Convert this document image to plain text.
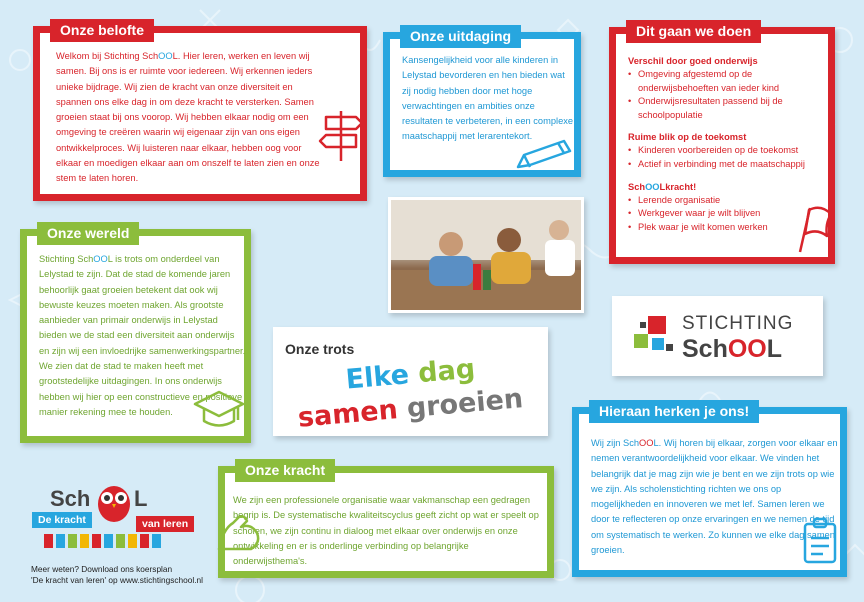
Onze belofte
Welkom bij Stichting SchOOL. Hier leren, werken en leven wij samen. Bij ons is er ruimte voor iedereen. Wij erkennen ieders unieke bijdrage. Wij zien de kracht van onze diversiteit en spannen ons elke dag in om deze kracht te versterken. Samen groeien staat bij ons voorop. Wij hebben elkaar nodig om een omgeving te creëren waarin wij eigenaar zijn van ons eigen ontwikkelproces. Wij luisteren naar elkaar, hebben oog voor elkaar en moedigen elkaar aan om onszelf te laten zien en onze stem te laten horen.
Onze uitdaging
Kansengelijkheid voor alle kinderen in Lelystad bevorderen en hen bieden wat zij nodig hebben door met hoge verwachtingen en ambities onze resultaten te verbeteren, in een complexe maatschappij met lerarentekort.
Dit gaan we doen
Verschil door goed onderwijs
• Omgeving afgestemd op de onderwijsbehoeften van ieder kind
• Onderwijsresultaten passend bij de schoolpopulatie
Ruime blik op de toekomst
• Kinderen voorbereiden op de toekomst
• Actief in verbinding met de maatschappij
SchOOLkracht!
• Lerende organisatie
• Werkgever waar je wilt blijven
• Plek waar je wilt komen werken
Onze wereld
Stichting SchOOL is trots om onderdeel van Lelystad te zijn. Dat de stad de komende jaren behoorlijk gaat groeien betekent dat ook wij bewuste keuzes moeten maken. Als grootste aanbieder van primair onderwijs in Lelystad bieden we de stad een diversiteit aan onderwijs en zijn wij een invloedrijke samenwerkingspartner. We zien dat de stad te maken heeft met grootstedelijke uitdagingen. In ons onderwijs hebben wij hier op een constructieve en positieve manier rekening mee te houden.
Onze trots
Elke dag
samen groeien
STICHTING
SchOOL
Hieraan herken je ons!
Wij zijn SchOOL. Wij horen bij elkaar, zorgen voor elkaar en nemen verantwoordelijkheid voor elkaar. We vinden het belangrijk dat je mag zijn wie je bent en we zijn trots op wie we zijn. Als scholenstichting richten we ons op mogelijkheden en innoveren we met lef. Samen leren we door te reflecteren op onze ervaringen en we nemen de tijd om systematisch te werken. Zo kunnen we elke dag samen groeien.
Onze kracht
We zijn een professionele organisatie waar vakmanschap een gedragen begrip is. De systematische kwaliteitscyclus geeft zicht op wat er speelt op scholen, we zijn continu in dialoog met elkaar over onderwijs en onze ontwikkeling en er is onderlinge verbinding op belangrijke onderwijsthema's.
Sch L
De kracht	van leren
Meer weten? Download ons koersplan
'De kracht van leren' op www.stichtingschool.nl
